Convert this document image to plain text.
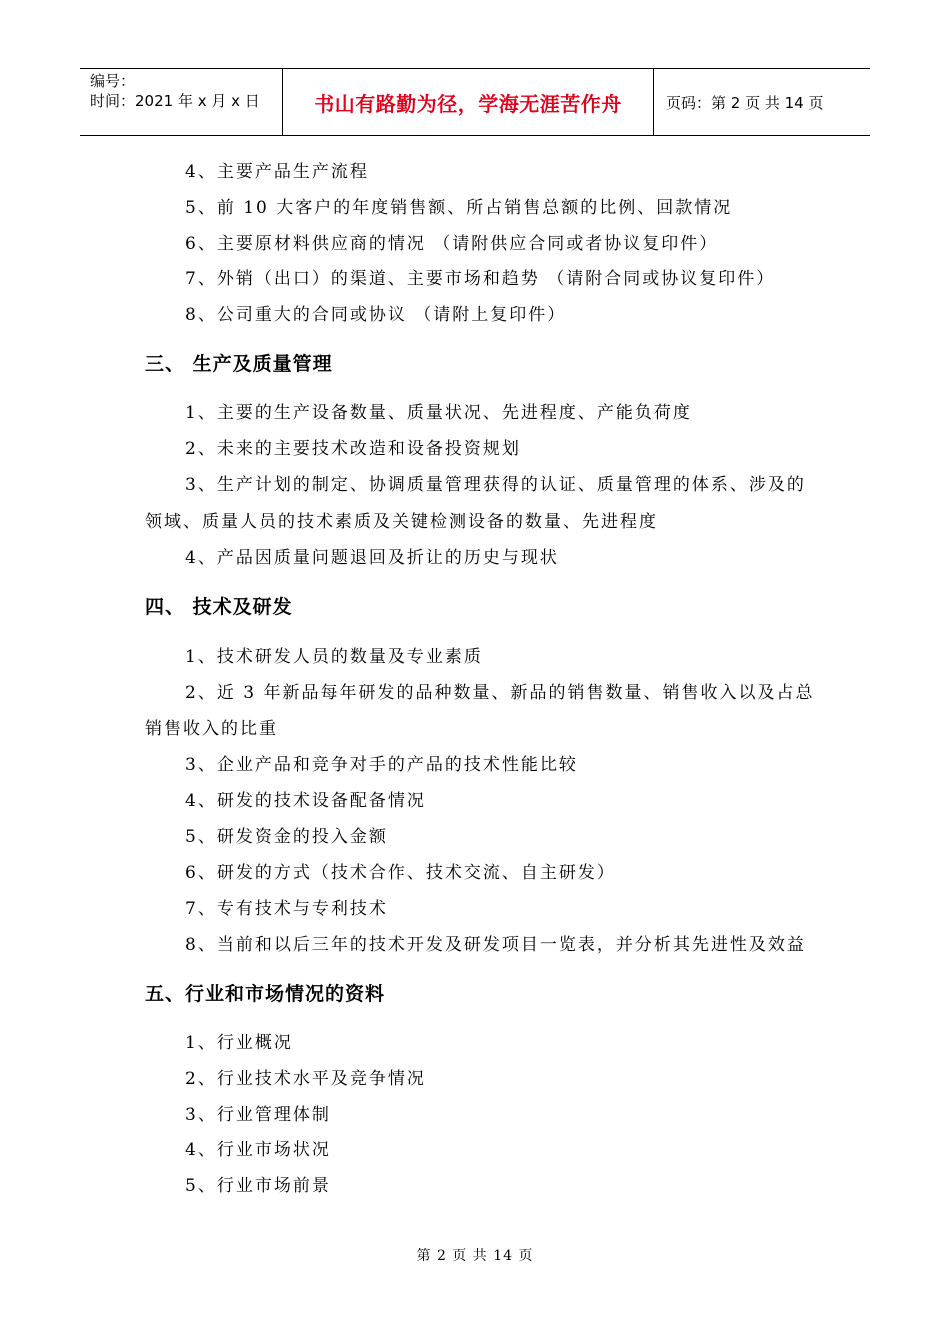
编号：
时间：2021 年 x 月 x 日	书山有路勤为径，学海无涯苦作舟	页码：第 2 页 共 14 页
4、主要产品生产流程
5、前 10 大客户的年度销售额、所占销售总额的比例、回款情况
6、主要原材料供应商的情况 （请附供应合同或者协议复印件）
7、外销（出口）的渠道、主要市场和趋势 （请附合同或协议复印件）
8、公司重大的合同或协议 （请附上复印件）
三、 生产及质量管理
1、主要的生产设备数量、质量状况、先进程度、产能负荷度
2、未来的主要技术改造和设备投资规划
3、生产计划的制定、协调质量管理获得的认证、质量管理的体系、涉及的
领域、质量人员的技术素质及关键检测设备的数量、先进程度
4、产品因质量问题退回及折让的历史与现状
四、 技术及研发
1、技术研发人员的数量及专业素质
2、近 3 年新品每年研发的品种数量、新品的销售数量、销售收入以及占总
销售收入的比重
3、企业产品和竞争对手的产品的技术性能比较
4、研发的技术设备配备情况
5、研发资金的投入金额
6、研发的方式（技术合作、技术交流、自主研发）
7、专有技术与专利技术
8、当前和以后三年的技术开发及研发项目一览表，并分析其先进性及效益
五、行业和市场情况的资料
1、行业概况
2、行业技术水平及竞争情况
3、行业管理体制
4、行业市场状况
5、行业市场前景
第 2 页 共 14 页
